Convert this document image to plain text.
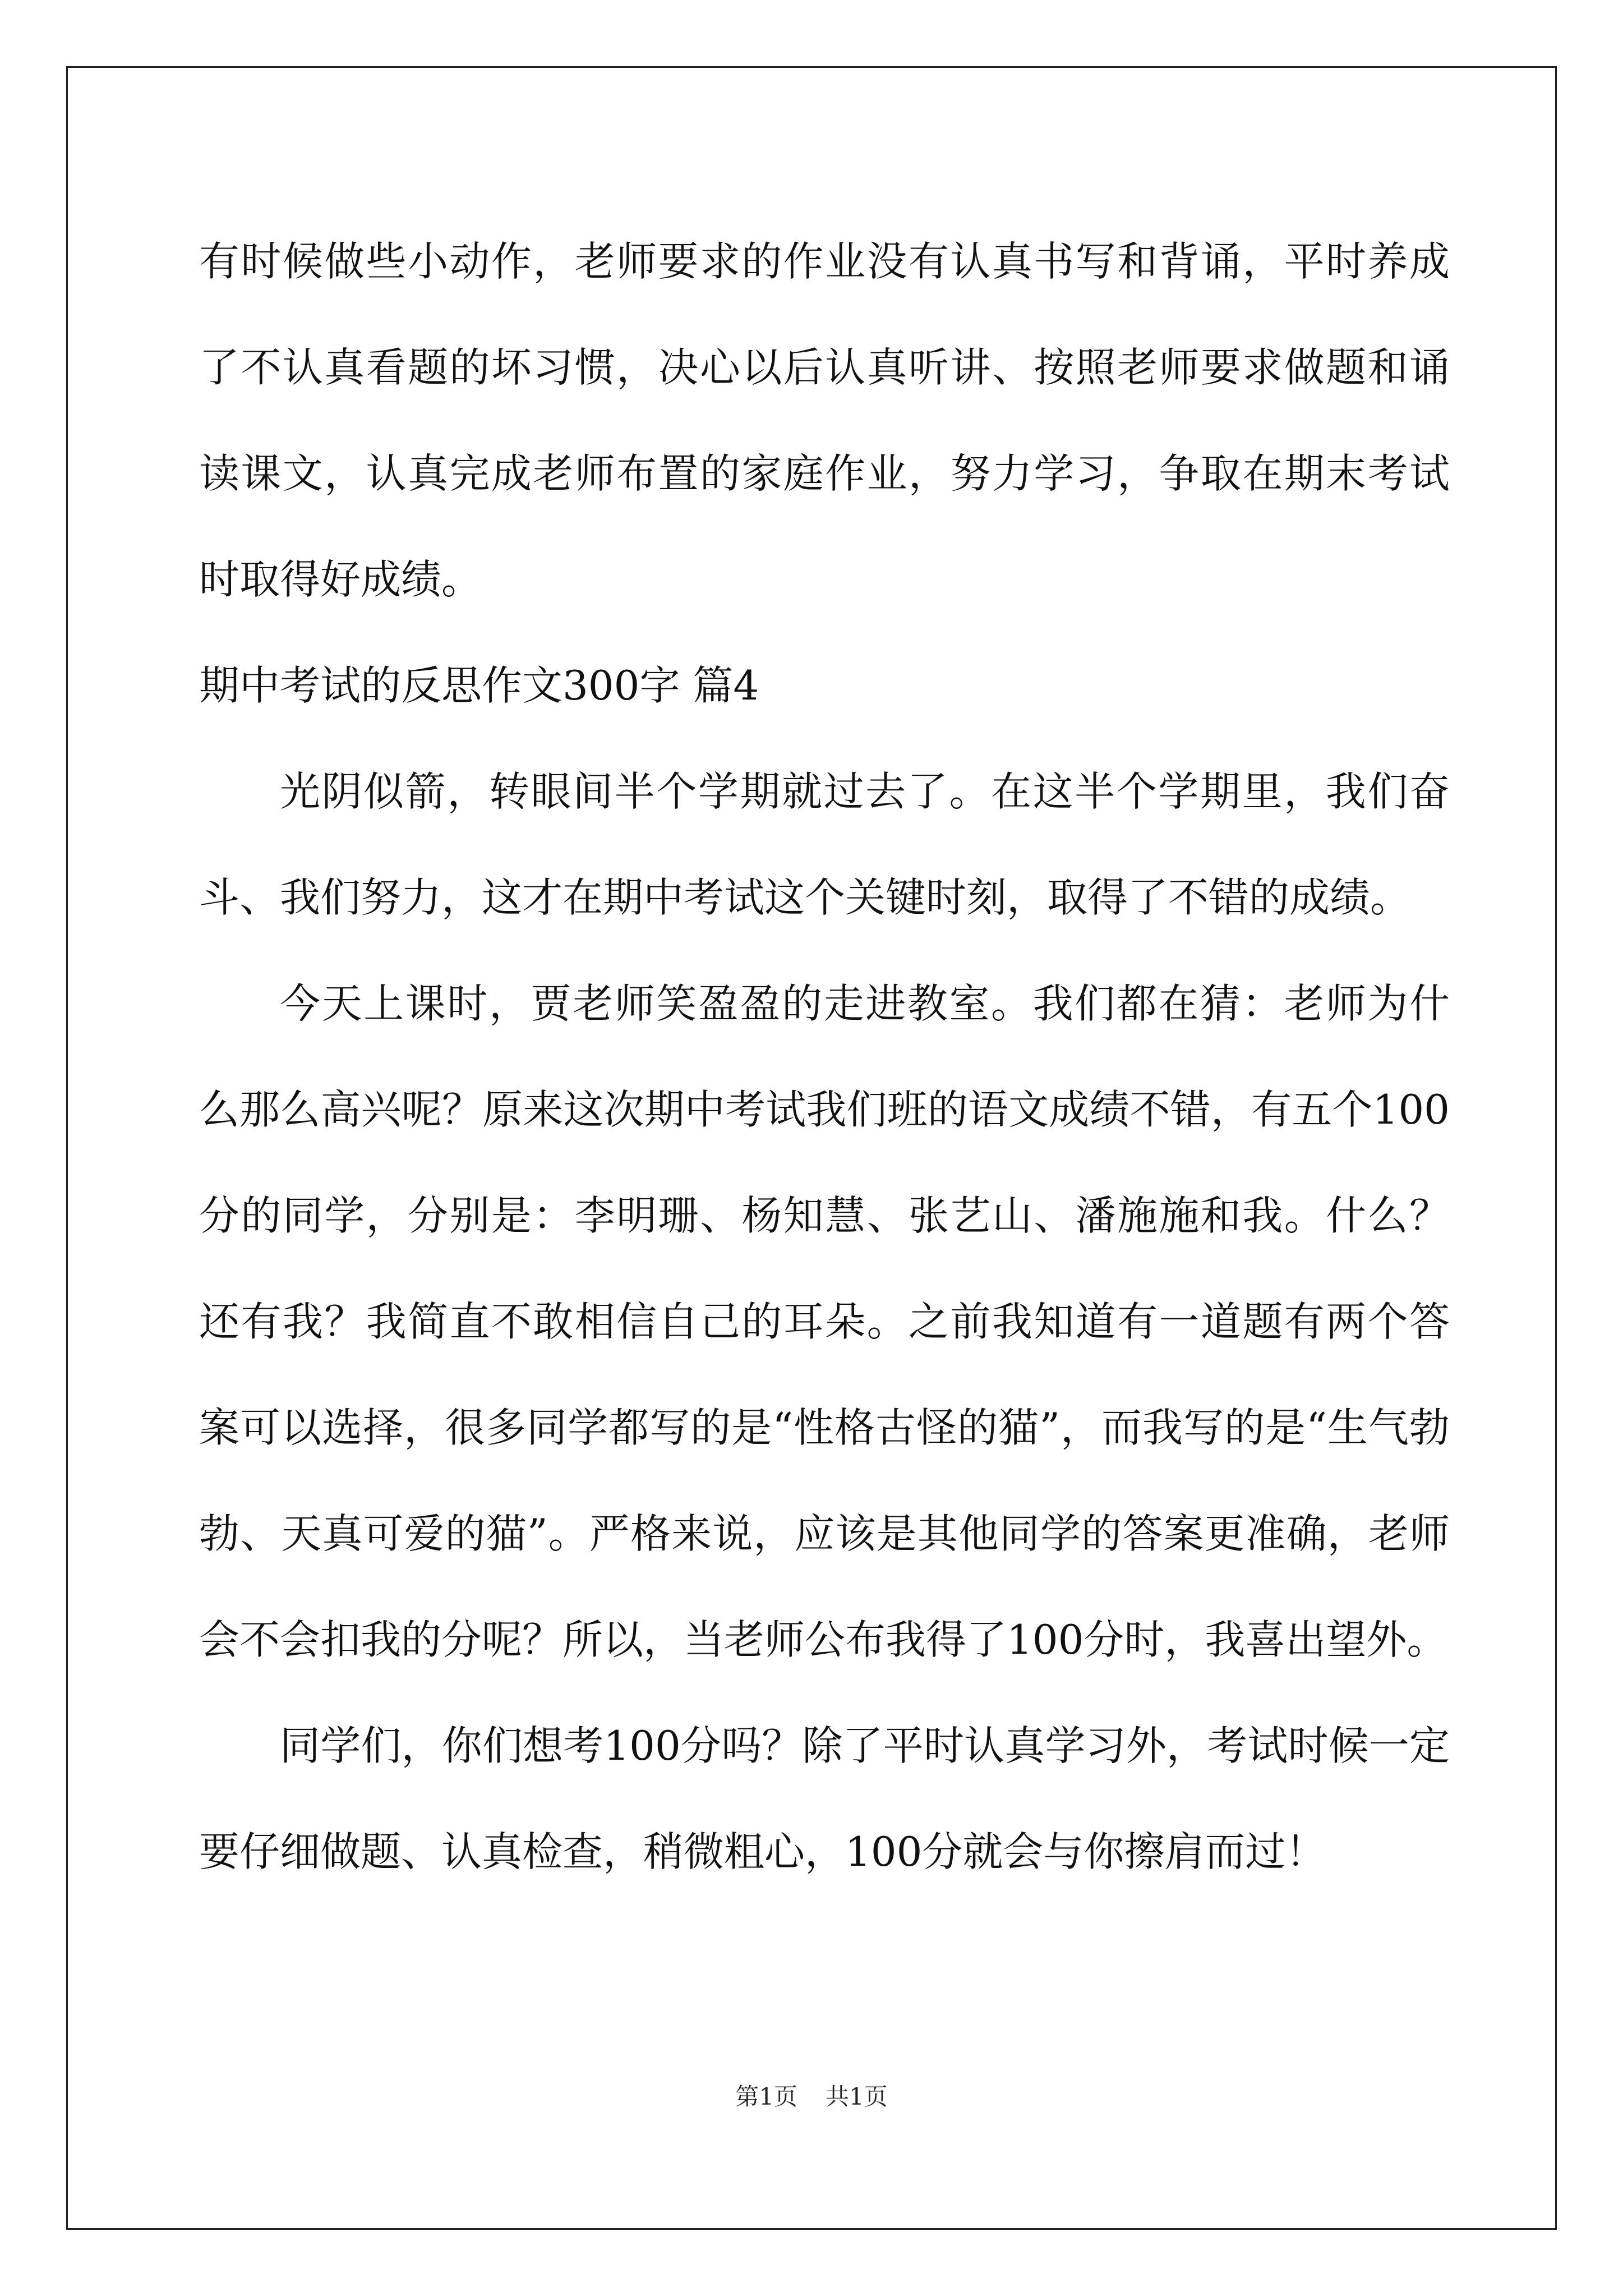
有时候做些小动作，老师要求的作业没有认真书写和背诵，平时养成了不认真看题的坏习惯，决心以后认真听讲、按照老师要求做题和诵读课文，认真完成老师布置的家庭作业，努力学习，争取在期末考试时取得好成绩。

期中考试的反思作文300字 篇4

光阴似箭，转眼间半个学期就过去了。在这半个学期里，我们奋斗、我们努力，这才在期中考试这个关键时刻，取得了不错的成绩。

今天上课时，贾老师笑盈盈的走进教室。我们都在猜：老师为什么那么高兴呢？原来这次期中考试我们班的语文成绩不错，有五个100分的同学，分别是：李明珊、杨知慧、张艺山、潘施施和我。什么？还有我？我简直不敢相信自己的耳朵。之前我知道有一道题有两个答案可以选择，很多同学都写的是“性格古怪的猫”，而我写的是“生气勃勃、天真可爱的猫”。严格来说，应该是其他同学的答案更准确，老师会不会扣我的分呢？所以，当老师公布我得了100分时，我喜出望外。

同学们，你们想考100分吗？除了平时认真学习外，考试时候一定要仔细做题、认真检查，稍微粗心，100分就会与你擦肩而过！

第1页 共1页
